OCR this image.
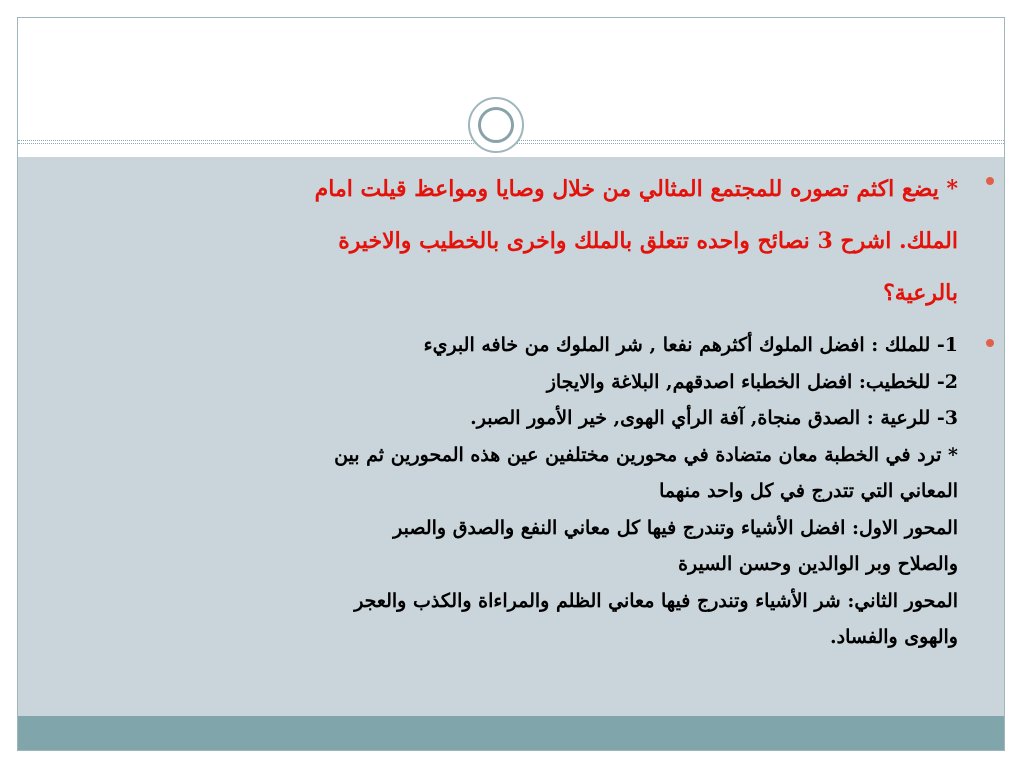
* يضع اكثم تصوره للمجتمع المثالي من خلال وصايا ومواعظ قيلت امام
الملك. اشرح 3 نصائح واحده تتعلق بالملك واخرى بالخطيب والاخيرة
بالرعية؟
1- للملك : افضل الملوك أكثرهم نفعا , شر الملوك من خافه البريء
2- للخطيب: افضل الخطباء اصدقهم, البلاغة والايجاز
3- للرعية : الصدق منجاة, آفة الرأي الهوى, خير الأمور الصبر.
* ترد في الخطبة معان متضادة في محورين مختلفين عين هذه المحورين ثم بين
المعاني التي تتدرج في كل واحد منهما
المحور الاول: افضل الأشياء وتندرج فيها كل معاني النفع والصدق والصبر
والصلاح وبر الوالدين وحسن السيرة
المحور الثاني: شر الأشياء وتندرج فيها معاني الظلم والمراءاة والكذب والعجر
والهوى والفساد.
